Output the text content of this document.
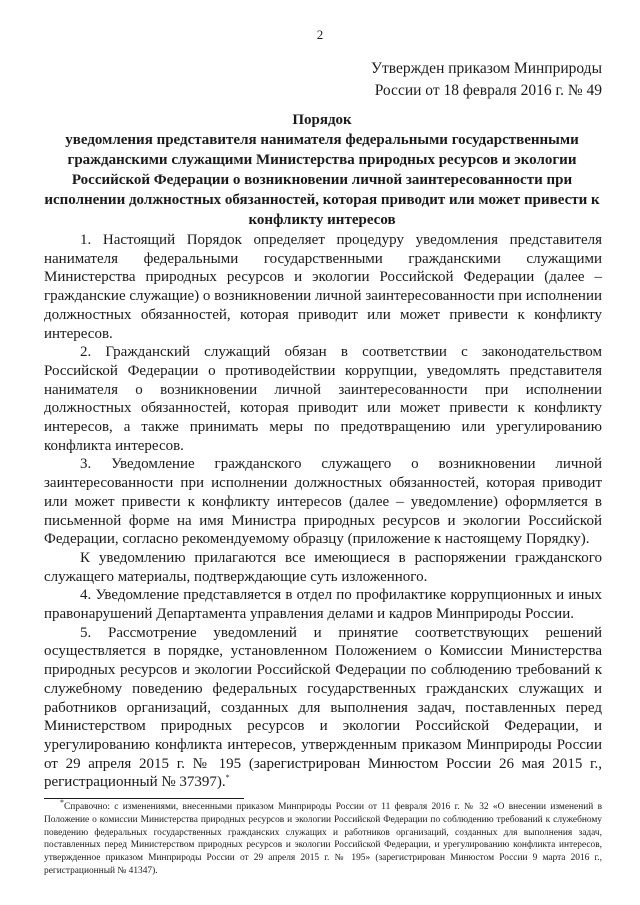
2
Утвержден приказом Минприроды
России от 18 февраля 2016 г. № 49
Порядок
уведомления представителя нанимателя федеральными государственными гражданскими служащими Министерства природных ресурсов и экологии Российской Федерации о возникновении личной заинтересованности при исполнении должностных обязанностей, которая приводит или может привести к конфликту интересов

1. Настоящий Порядок определяет процедуру уведомления представителя нанимателя федеральными государственными гражданскими служащими Министерства природных ресурсов и экологии Российской Федерации (далее – гражданские служащие) о возникновении личной заинтересованности при исполнении должностных обязанностей, которая приводит или может привести к конфликту интересов.

2. Гражданский служащий обязан в соответствии с законодательством Российской Федерации о противодействии коррупции, уведомлять представителя нанимателя о возникновении личной заинтересованности при исполнении должностных обязанностей, которая приводит или может привести к конфликту интересов, а также принимать меры по предотвращению или урегулированию конфликта интересов.

3. Уведомление гражданского служащего о возникновении личной заинтересованности при исполнении должностных обязанностей, которая приводит или может привести к конфликту интересов (далее – уведомление) оформляется в письменной форме на имя Министра природных ресурсов и экологии Российской Федерации, согласно рекомендуемому образцу (приложение к настоящему Порядку).

К уведомлению прилагаются все имеющиеся в распоряжении гражданского служащего материалы, подтверждающие суть изложенного.

4. Уведомление представляется в отдел по профилактике коррупционных и иных правонарушений Департамента управления делами и кадров Минприроды России.

5. Рассмотрение уведомлений и принятие соответствующих решений осуществляется в порядке, установленном Положением о Комиссии Министерства природных ресурсов и экологии Российской Федерации по соблюдению требований к служебному поведению федеральных государственных гражданских служащих и работников организаций, созданных для выполнения задач, поставленных перед Министерством природных ресурсов и экологии Российской Федерации, и урегулированию конфликта интересов, утвержденным приказом Минприроды России от 29 апреля 2015 г. № 195 (зарегистрирован Минюстом России 26 мая 2015 г., регистрационный № 37397).*

*Справочно: с изменениями, внесенными приказом Минприроды России от 11 февраля 2016 г. № 32 «О внесении изменений в Положение о комиссии Министерства природных ресурсов и экологии Российской Федерации по соблюдению требований к служебному поведению федеральных государственных гражданских служащих и работников организаций, созданных для выполнения задач, поставленных перед Министерством природных ресурсов и экологии Российской Федерации, и урегулированию конфликта интересов, утвержденное приказом Минприроды России от 29 апреля 2015 г. № 195» (зарегистрирован Минюстом России 9 марта 2016 г., регистрационный № 41347).
